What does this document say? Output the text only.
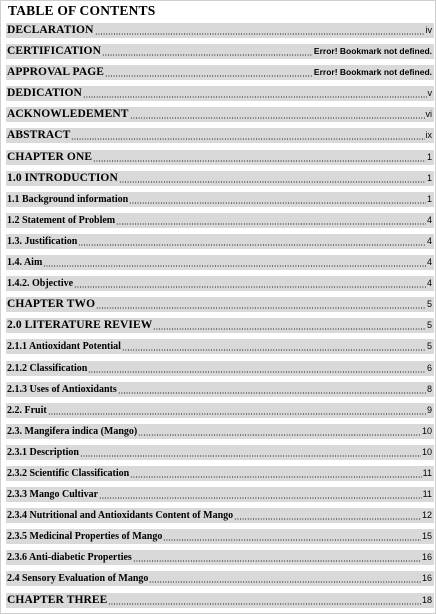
TABLE OF CONTENTS
DECLARATION	iv
CERTIFICATION	Error! Bookmark not defined.
APPROVAL PAGE	Error! Bookmark not defined.
DEDICATION	v
ACKNOWLEDEMENT	vi
ABSTRACT	ix
CHAPTER ONE	1
1.0 INTRODUCTION	1
1.1 Background information	1
1.2 Statement of Problem	4
1.3. Justification	4
1.4. Aim	4
1.4.2. Objective	4
CHAPTER TWO	5
2.0 LITERATURE REVIEW	5
2.1.1 Antioxidant Potential	5
2.1.2 Classification	6
2.1.3 Uses of Antioxidants	8
2.2. Fruit	9
2.3. Mangifera indica (Mango)	10
2.3.1 Description	10
2.3.2 Scientific Classification	11
2.3.3 Mango Cultivar	11
2.3.4 Nutritional and Antioxidants Content of Mango	12
2.3.5 Medicinal Properties of Mango	15
2.3.6 Anti-diabetic Properties	16
2.4 Sensory Evaluation of Mango	16
CHAPTER THREE	18
